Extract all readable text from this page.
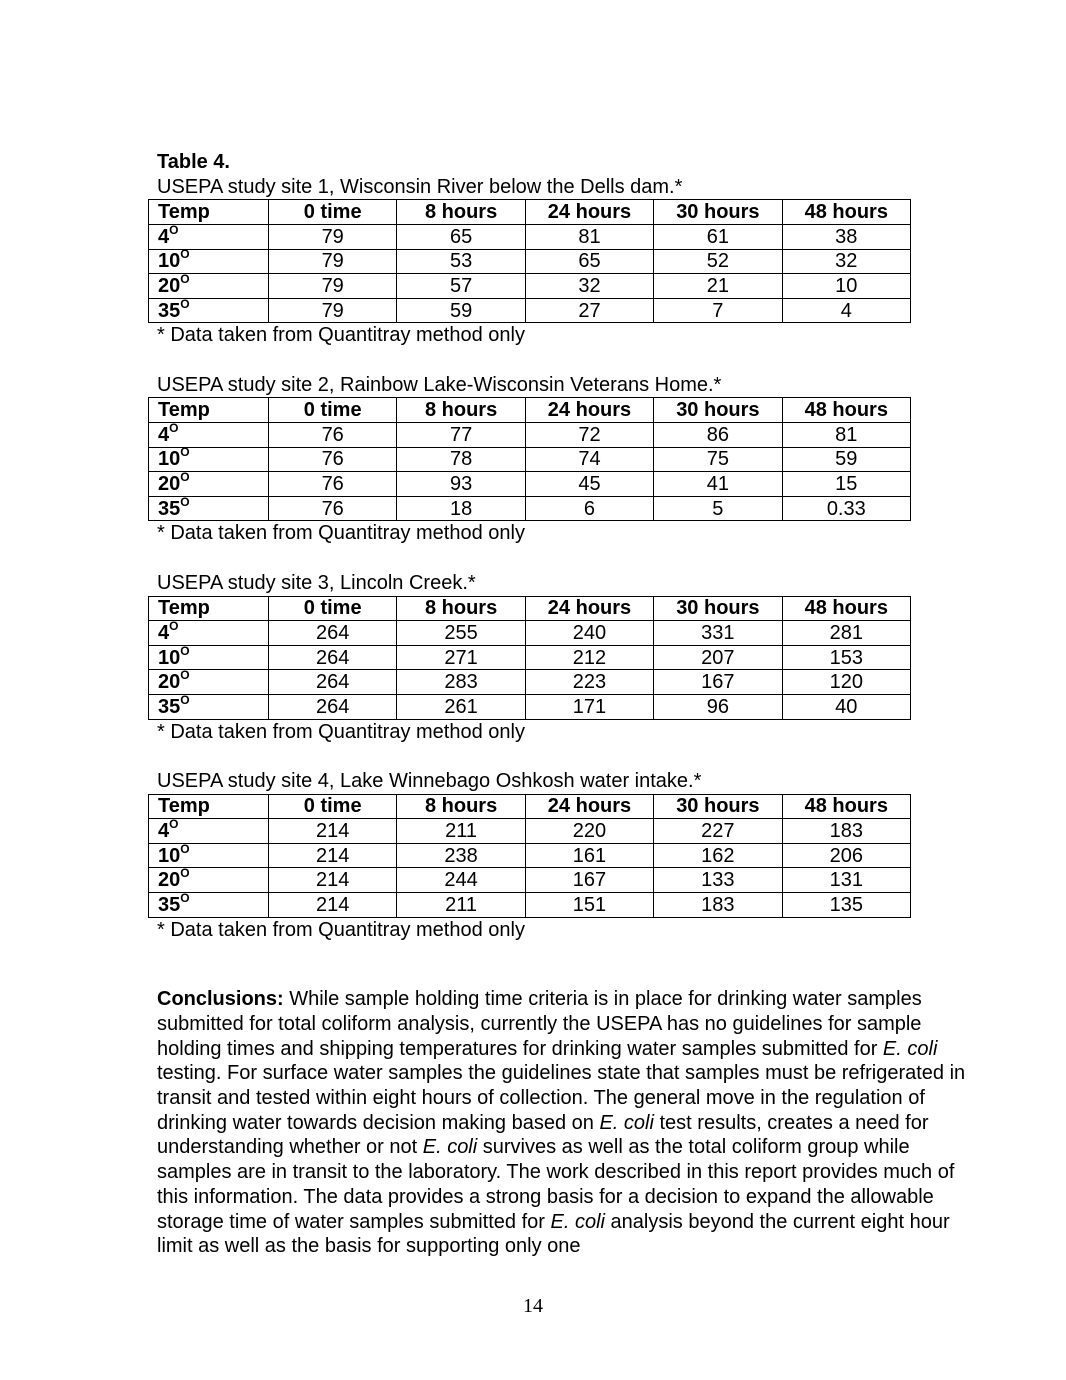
Table 4.
USEPA study site 1, Wisconsin River below the Dells dam.*
Temp	0 time	8 hours	24 hours	30 hours	48 hours
$4^O$	79	65	81	61	38
$10^O$	79	53	65	52	32
$20^O$	79	57	32	21	10
$35^O$	79	59	27	7	4
* Data taken from Quantitray method only
USEPA study site 2, Rainbow Lake-Wisconsin Veterans Home.*
Temp	0 time	8 hours	24 hours	30 hours	48 hours
$4^O$	76	77	72	86	81
$10^O$	76	78	74	75	59
$20^O$	76	93	45	41	15
$35^O$	76	18	6	5	0.33
* Data taken from Quantitray method only
USEPA study site 3, Lincoln Creek.*
Temp	0 time	8 hours	24 hours	30 hours	48 hours
$4^O$	264	255	240	331	281
$10^O$	264	271	212	207	153
$20^O$	264	283	223	167	120
$35^O$	264	261	171	96	40
* Data taken from Quantitray method only
USEPA study site 4, Lake Winnebago Oshkosh water intake.*
Temp	0 time	8 hours	24 hours	30 hours	48 hours
$4^O$	214	211	220	227	183
$10^O$	214	238	161	162	206
$20^O$	214	244	167	133	131
$35^O$	214	211	151	183	135
* Data taken from Quantitray method only

Conclusions: While sample holding time criteria is in place for drinking water samples submitted for total coliform analysis, currently the USEPA has no guidelines for sample holding times and shipping temperatures for drinking water samples submitted for E. coli testing. For surface water samples the guidelines state that samples must be refrigerated in transit and tested within eight hours of collection. The general move in the regulation of drinking water towards decision making based on E. coli test results, creates a need for understanding whether or not E. coli survives as well as the total coliform group while samples are in transit to the laboratory. The work described in this report provides much of this information. The data provides a strong basis for a decision to expand the allowable storage time of water samples submitted for E. coli analysis beyond the current eight hour limit as well as the basis for supporting only one

14
